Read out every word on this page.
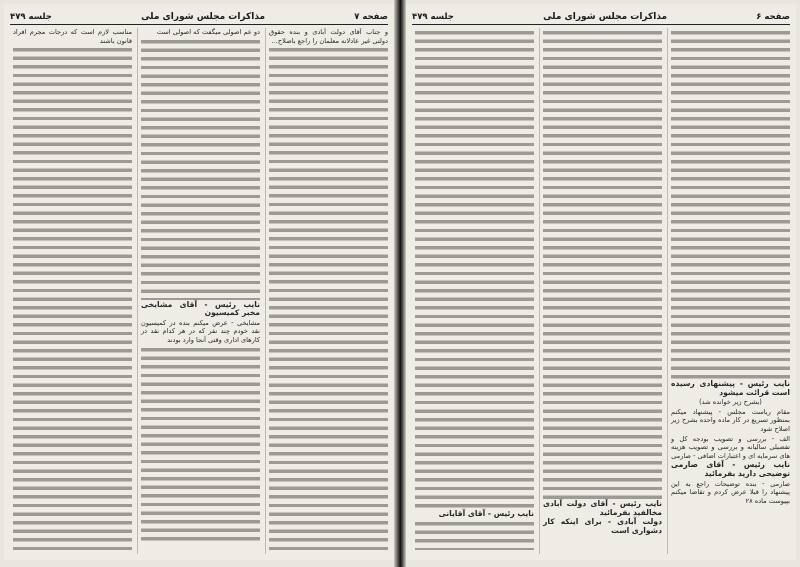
صفحه ۷
مذاکرات مجلس شورای ملی
جلسه ۴۷۹

و جناب آقای دولت آبادی و بنده حقوق دولتی غیر عادلانه معلمان را راجع باصلاح...

دو عم اصولی میگفت که اصولی است

نایب رئیس - آقای مشایخی مخبر کمیسیون

مشایخی - عرض میکنم بنده در کمیسیون نقد خودم چند نفر که در هر کدام نقد در کارهای اداری وقتی آنجا وارد بودند

مناسب لازم است که درجات مجرم افراد قانون باشند

صفحه ۶
مذاکرات مجلس شورای ملی
جلسه ۴۷۹

نایب رئیس - پیشنهادی رسیده است قرائت میشود

(بشرح زیر خوانده شد)

مقام ریاست مجلس - پیشنهاد میکنم بمنظور تسریع در کار ماده واحده بشرح زیر اصلاح شود

الف - بررسی و تصویب بودجه کل و تفصیلی سالیانه و بررسی و تصویب هزینه های سرمایه ای و اعتبارات اضافی - صارمی

نایب رئیس - آقای صارمی توضیحی دارید بفرمائید

صارمی - بنده توضیحات راجع به این پیشنهاد را قبلا عرض کردم و تقاضا میکنم بپیوست ماده ۲۸

نایب رئیس - آقای دولت آبادی مخالفید بفرمائید

دولت آبادی - برای اینکه کار دشواری است

نایب رئیس - آقای آقایانی
